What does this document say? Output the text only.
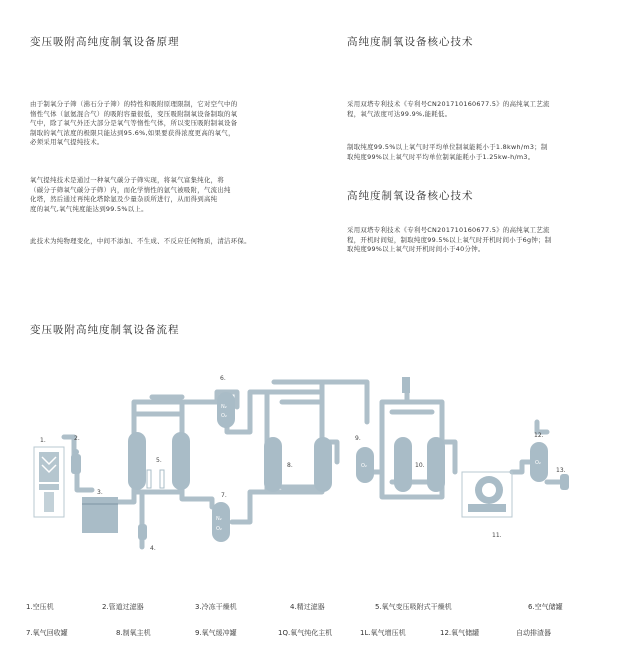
变压吸附高纯度制氧设备原理
由于制氧分子筛（沸石分子筛）的特性和吸附原理限制，它对空气中的
惰性气体（氩氦混合气）的吸附容量很低，变压吸附制氧设备制取的氧
气中，除了氧气外还大部分是氧气等惰性气体，所以变压吸附制氧设备
制取的氧气浓度的极限只能达到95.6%,如果要获得浓度更高的氧气，
必须采用氧气提纯技术。
氧气提纯技术是通过一种氧气碳分子筛实现，将氧气富集纯化，将
（碳分子筛氧气碳分子筛）内，而化学惰性的氩气被吸附，气流出纯
化塔，然后通过再纯化塔除氩及少量杂质所进行，从而得到高纯
度的氧气,氧气纯度能达到99.5%以上。
此技术为纯物理变化，中间不添加、不生成、不反应任何物质，清洁环保。
高纯度制氧设备核心技术
采用双塔专利技术《专利号CN201710160677.5》的高纯氧工艺流
程，氧气浓度可达99.9%,能耗低。
制取纯度99.5%以上氧气时平均单位制氧能耗小于1.8kwh/m3；制
取纯度99%以上氧气时平均单位制氧能耗小于1.25kw-h/m3。
高纯度制氧设备核心技术
采用双塔专利技术《专利号CN201710160677.5》的高纯氧工艺流
程，开机时间短，制取纯度99.5%以上氧气时开机时间小于6g钟；制
取纯度99%以上氧气时开机时间小于40分钟。
变压吸附高纯度制氧设备流程
1.	2.
3.
4.
5.
6.
7.
8.
9.
10.
11.
12.
13.
N₂
O₂
N₂
O₂
O₂	O₂
1.空压机	2.管道过滤器	3.冷冻干燥机	4.精过滤器	5.氧气变压吸附式干燥机	6.空气储罐
7.氧气回收罐	8.制氧主机	9.氧气缓冲罐	1Q.氧气纯化主机	1L.氧气增压机	12.氧气储罐	自动排渣器
